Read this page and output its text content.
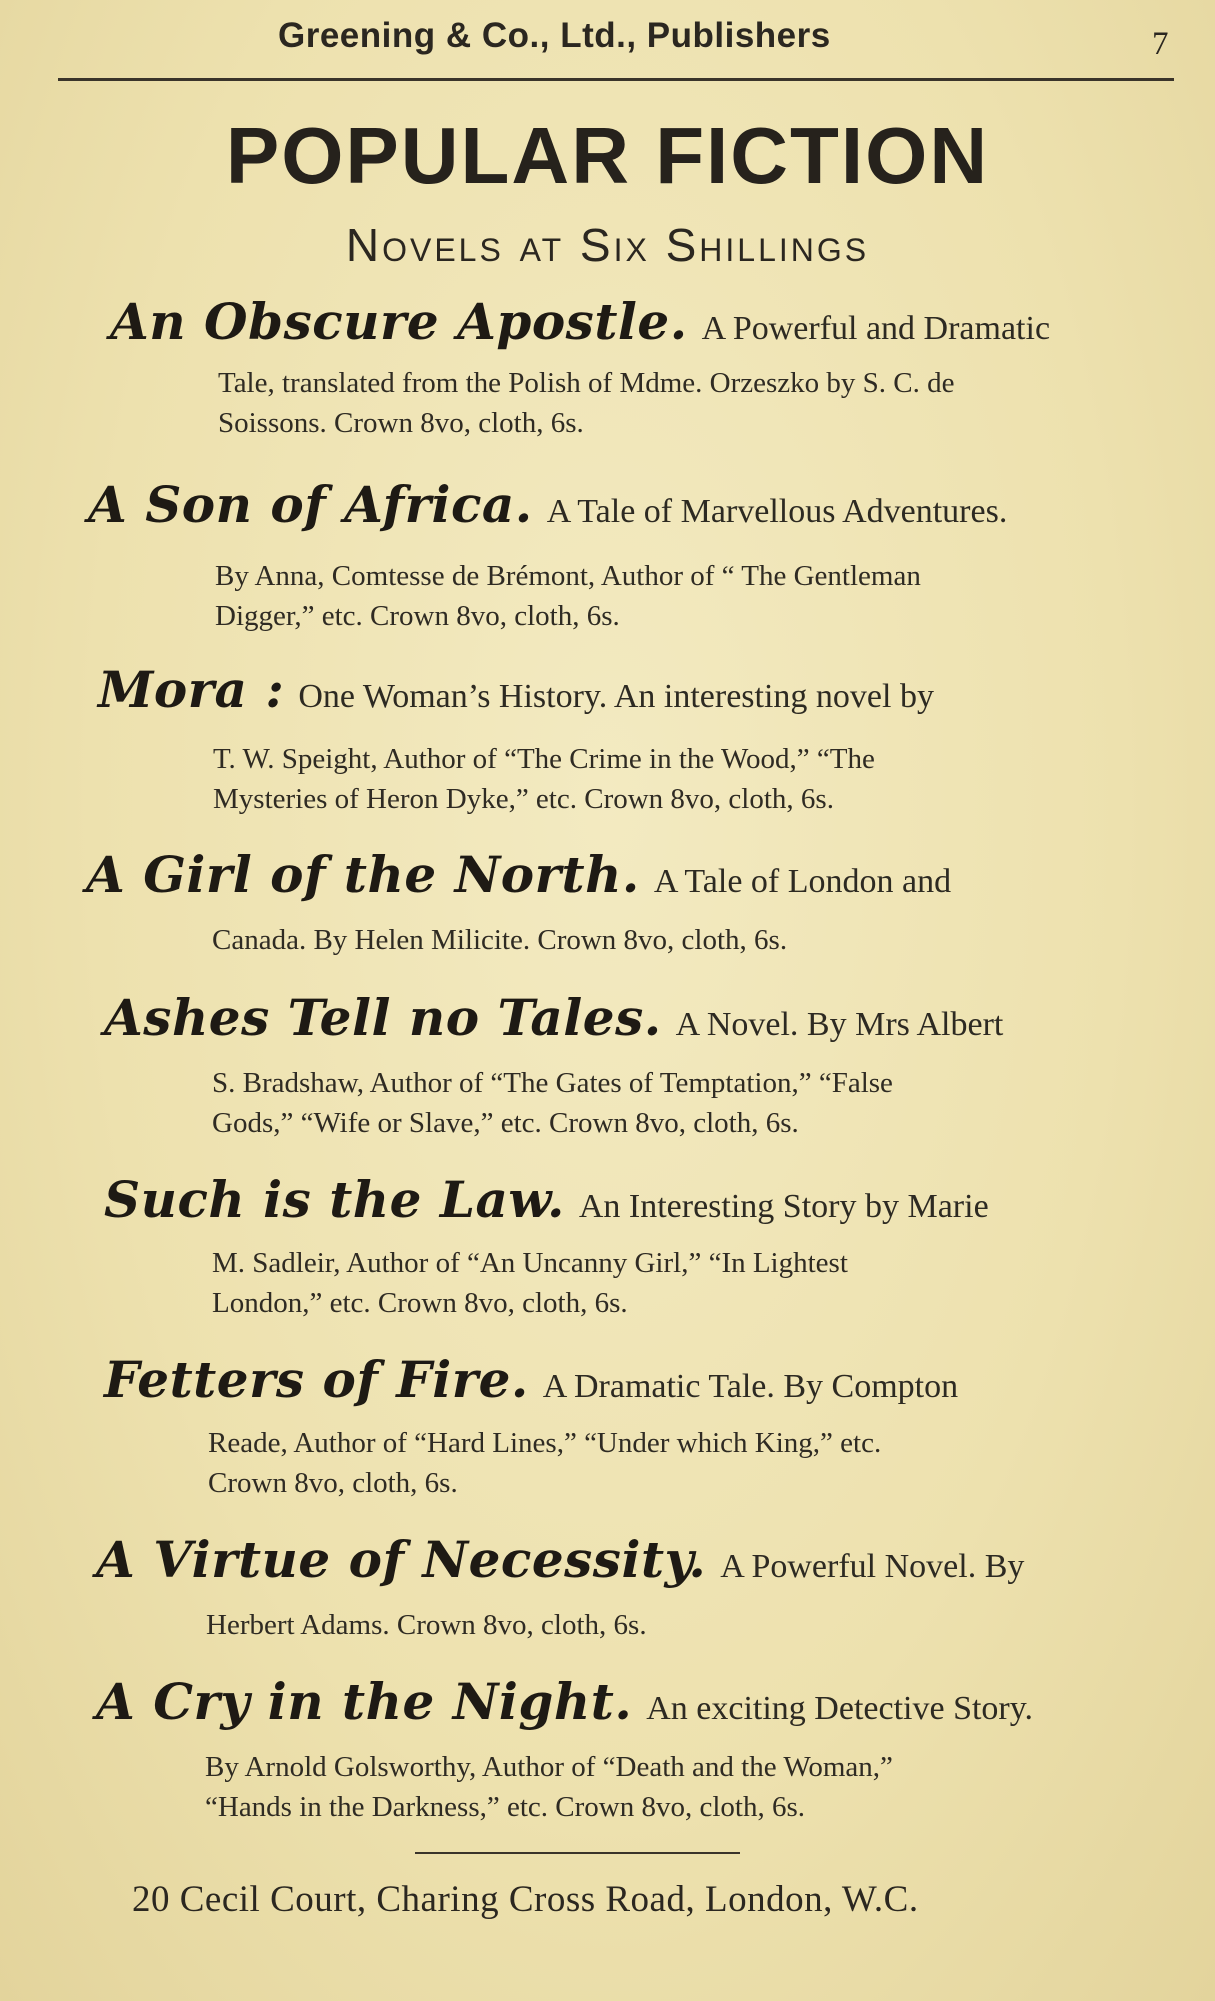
Greening & Co., Ltd., Publishers	7
POPULAR FICTION
Novels at Six Shillings
An Obscure Apostle. A Powerful and Dramatic
Tale, translated from the Polish of Mdme. Orzeszko by S. C. de
Soissons. Crown 8vo, cloth, 6s.
A Son of Africa. A Tale of Marvellous Adventures.
By Anna, Comtesse de Brémont, Author of “ The Gentleman
Digger,” etc. Crown 8vo, cloth, 6s.
Mora : One Woman’s History. An interesting novel by
T. W. Speight, Author of “The Crime in the Wood,” “The
Mysteries of Heron Dyke,” etc. Crown 8vo, cloth, 6s.
A Girl of the North. A Tale of London and
Canada. By Helen Milicite. Crown 8vo, cloth, 6s.
Ashes Tell no Tales. A Novel. By Mrs Albert
S. Bradshaw, Author of “The Gates of Temptation,” “False
Gods,” “Wife or Slave,” etc. Crown 8vo, cloth, 6s.
Such is the Law. An Interesting Story by Marie
M. Sadleir, Author of “An Uncanny Girl,” “In Lightest
London,” etc. Crown 8vo, cloth, 6s.
Fetters of Fire. A Dramatic Tale. By Compton
Reade, Author of “Hard Lines,” “Under which King,” etc.
Crown 8vo, cloth, 6s.
A Virtue of Necessity. A Powerful Novel. By
Herbert Adams. Crown 8vo, cloth, 6s.
A Cry in the Night. An exciting Detective Story.
By Arnold Golsworthy, Author of “Death and the Woman,”
“Hands in the Darkness,” etc. Crown 8vo, cloth, 6s.
20 Cecil Court, Charing Cross Road, London, W.C.
